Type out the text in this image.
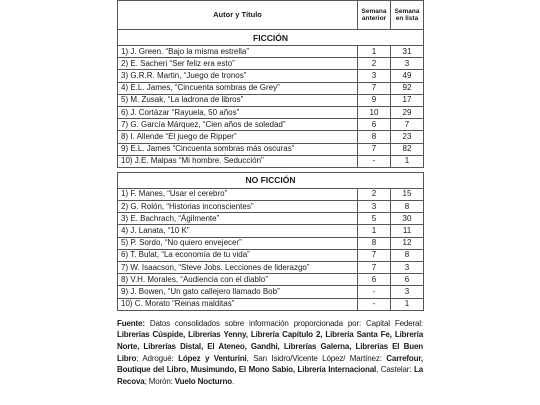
Autor y Título	Semana anterior	Semana en lista
FICCIÓN		
1) J. Green. “Bajo la misma estrella”	1	31
2) E. Sacheri “Ser feliz era esto”	2	3
3) G.R.R. Martin, “Juego de tronos”	3	49
4) E.L. James, “Cincuenta sombras de Grey”	7	92
5) M. Zusak, “La ladrona de libros”	9	17
6) J. Cortázar “Rayuela, 50 años”	10	29
7) G. García Márquez, “Cien años de soledad”	6	7
8) I. Allende “El juego de Ripper”	8	23
9) E.L. James “Cincuenta sombras más oscuras”	7	82
10) J.E. Malpas “Mi hombre. Seducción”	-	1

NO FICCIÓN		
1) F. Manes, “Usar el cerebro”	2	15
2) G. Rolón, “Historias inconscientes”	3	8
3) E. Bachrach, “Ágilmente”	5	30
4) J. Lanata, “10 K”	1	11
5) P. Sordo, “No quiero envejecer”	8	12
6) T. Bulat, “La economía de tu vida”	7	8
7) W. Isaacson, “Steve Jobs. Lecciones de liderazgo”	7	3
8) V.H. Morales, “Audiencia con el diablo”	6	6
9) J. Bowen, “Un gato callejero llamado Bob”	-	3
10) C. Morato “Reinas malditas”	-	1
Fuente: Datos consolidados sobre información proporcionada por: Capital Federal: Librerías Cúspide, Librerías Yenny, Librería Capítulo 2, Librería Santa Fe, Librería Norte, Librerías Distal, El Ateneo, Gandhi, Librerías Galerna, Librerías El Buen Libro; Adrogué: López y Venturini, San Isidro/Vicente López/ Martínez: Carrefour, Boutique del Libro, Musimundo, El Mono Sabio, Librería Internacional, Castelar: La Recova; Morón: Vuelo Nocturno.
